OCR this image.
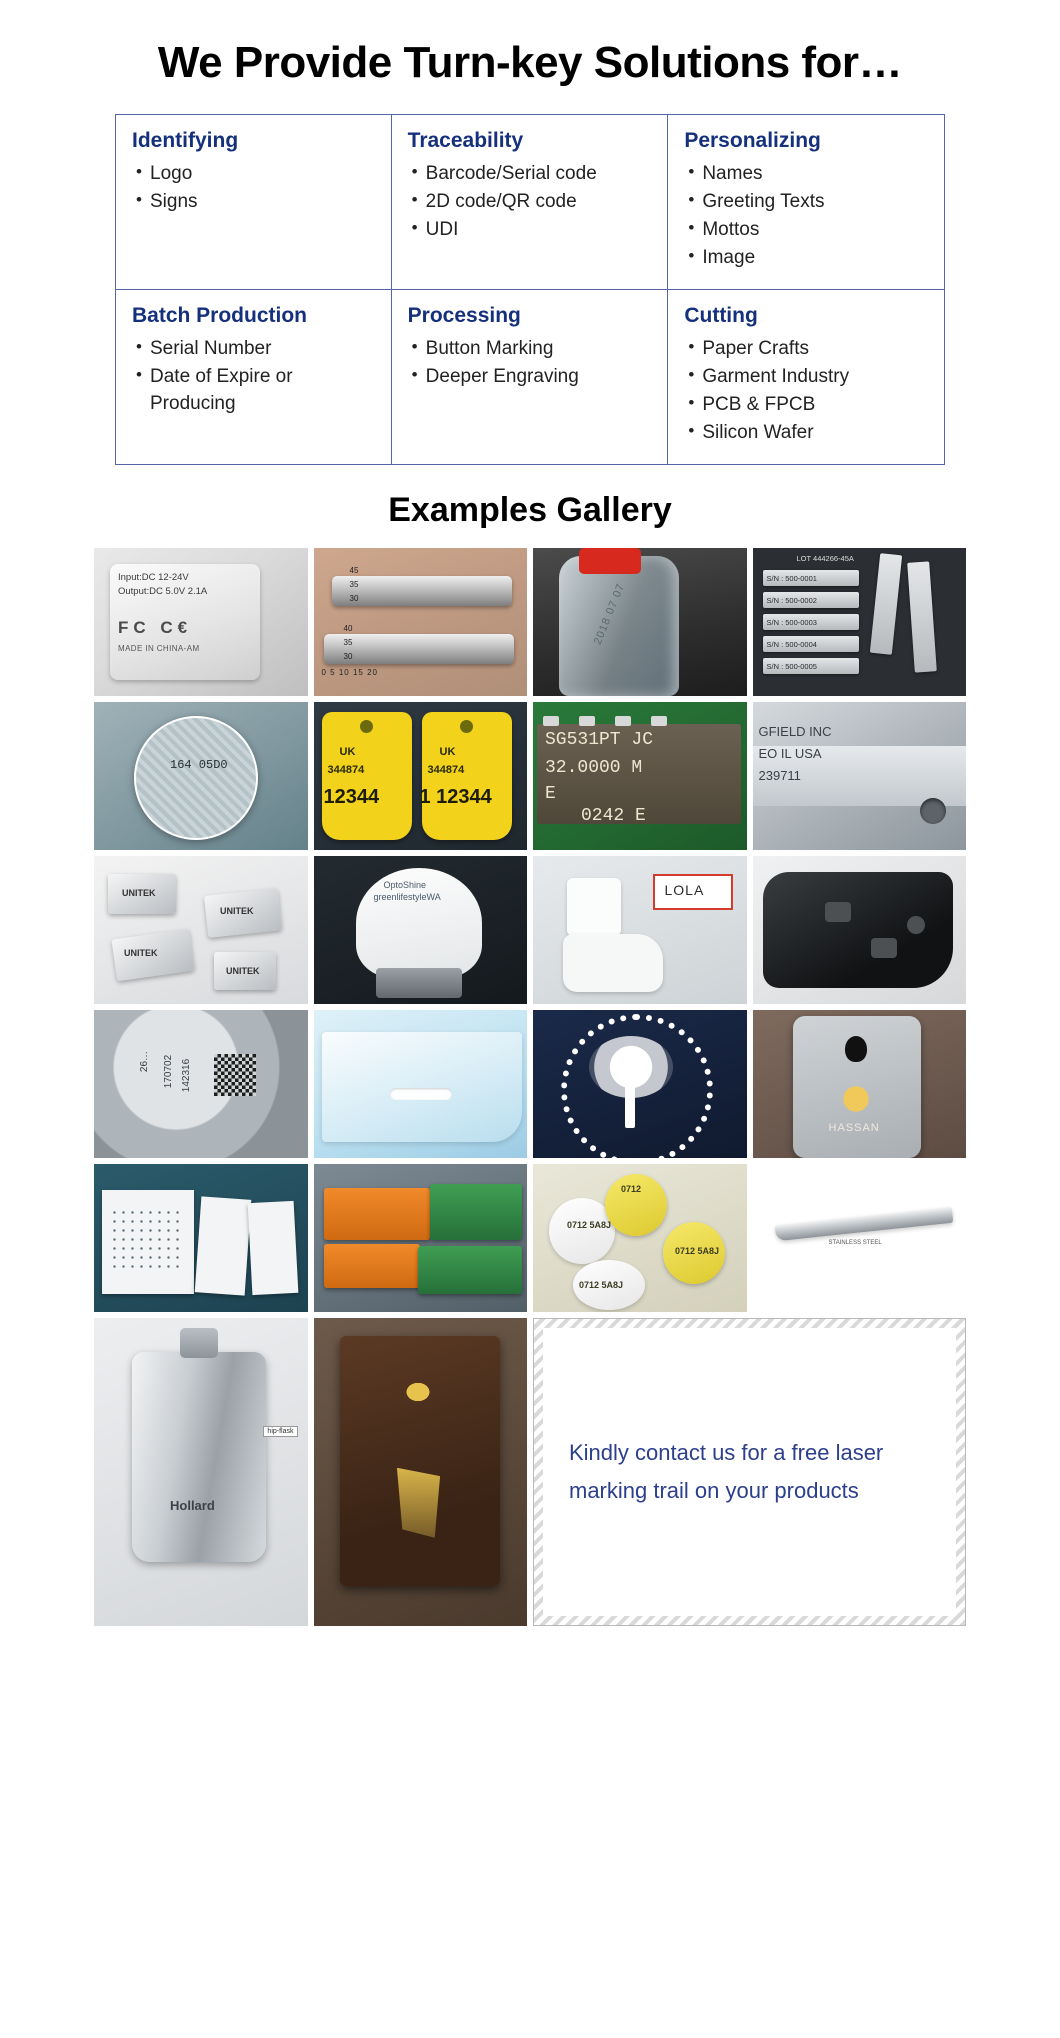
We Provide Turn-key Solutions for…
Identifying
• Logo
• Signs
Traceability
• Barcode/Serial code
• 2D code/QR code
• UDI
Personalizing
• Names
• Greeting Texts
• Mottos
• Image
Batch Production
• Serial Number
• Date of Expire or Producing
Processing
• Button Marking
• Deeper Engraving
Cutting
• Paper Crafts
• Garment Industry
• PCB & FPCB
• Silicon Wafer
Examples Gallery
Input:DC 12-24V
Output:DC 5.0V 2.1A
FC C€
MADE IN CHINA-AM
45
35
30
40
35
30
0 5 10 15 20
2018 07 07
LOT 444266-45A
S/N : 500-0001
S/N : 500-0002
S/N : 500-0003
S/N : 500-0004
S/N : 500-0005
164 05D0
UK	UK
344874	344874
12344 1 12344
SG531PT JC
32.0000 M
E
0242 E
GFIELD INC
EO IL USA
239711
UNITEK
UNITEK
UNITEK
UNITEK
OptoShine
greenlifestyleWA	LOLA
26… 170702 142316
HASSAN
0712
0712 5A8J
0712 5A8J
0712 5A8J
STAINLESS STEEL
Hollard
hip-flask
Kindly contact us for a free laser marking trail on your products
